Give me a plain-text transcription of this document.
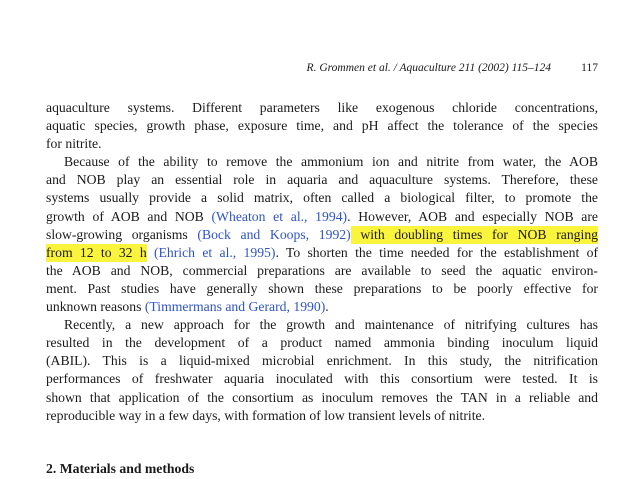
R. Grommen et al. / Aquaculture 211 (2002) 115–124	117
aquaculture systems. Different parameters like exogenous chloride concentrations,
aquatic species, growth phase, exposure time, and pH affect the tolerance of the species
for nitrite.
Because of the ability to remove the ammonium ion and nitrite from water, the AOB
and NOB play an essential role in aquaria and aquaculture systems. Therefore, these
systems usually provide a solid matrix, often called a biological filter, to promote the
growth of AOB and NOB (Wheaton et al., 1994). However, AOB and especially NOB are
slow-growing organisms (Bock and Koops, 1992) with doubling times for NOB ranging
from 12 to 32 h (Ehrich et al., 1995). To shorten the time needed for the establishment of
the AOB and NOB, commercial preparations are available to seed the aquatic environ-
ment. Past studies have generally shown these preparations to be poorly effective for
unknown reasons (Timmermans and Gerard, 1990).
Recently, a new approach for the growth and maintenance of nitrifying cultures has
resulted in the development of a product named ammonia binding inoculum liquid
(ABIL). This is a liquid-mixed microbial enrichment. In this study, the nitrification
performances of freshwater aquaria inoculated with this consortium were tested. It is
shown that application of the consortium as inoculum removes the TAN in a reliable and
reproducible way in a few days, with formation of low transient levels of nitrite.
2. Materials and methods
